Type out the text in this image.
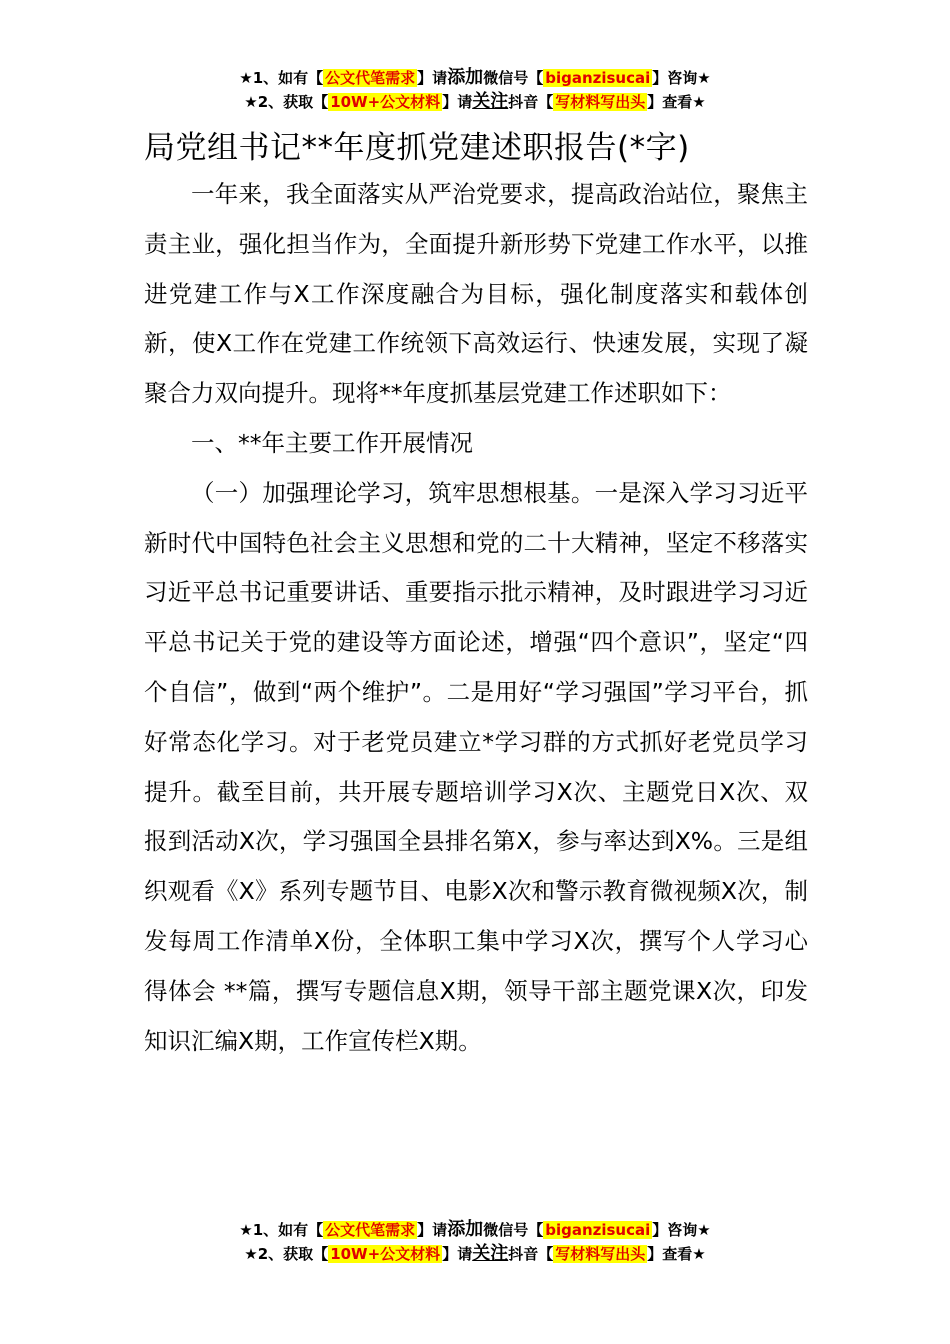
★1、如有【 公文代笔需求 】请添加微信号【 biganzisucai 】咨询★
★2、获取【 10W+公文材料 】请关注抖音【 写材料写出头 】查看★
局党组书记**年度抓党建述职报告(*字)

一年来，我全面落实从严治党要求，提高政治站位，聚焦主责主业，强化担当作为，全面提升新形势下党建工作水平，以推进党建工作与X工作深度融合为目标，强化制度落实和载体创新，使X工作在党建工作统领下高效运行、快速发展，实现了凝聚合力双向提升。现将**年度抓基层党建工作述职如下：

一、**年主要工作开展情况

（一）加强理论学习，筑牢思想根基。一是深入学习习近平新时代中国特色社会主义思想和党的二十大精神，坚定不移落实习近平总书记重要讲话、重要指示批示精神，及时跟进学习习近平总书记关于党的建设等方面论述，增强“四个意识”，坚定“四个自信”，做到“两个维护”。二是用好“学习强国”学习平台，抓好常态化学习。对于老党员建立*学习群的方式抓好老党员学习提升。截至目前，共开展专题培训学习X次、主题党日X次、双报到活动X次，学习强国全县排名第X，参与率达到X%。三是组织观看《X》系列专题节目、电影X次和警示教育微视频X次，制发每周工作清单X份，全体职工集中学习X次，撰写个人学习心得体会 **篇，撰写专题信息X期，领导干部主题党课X次，印发知识汇编X期，工作宣传栏X期。

★1、如有【 公文代笔需求 】请添加微信号【 biganzisucai 】咨询★
★2、获取【 10W+公文材料 】请关注抖音【 写材料写出头 】查看★
